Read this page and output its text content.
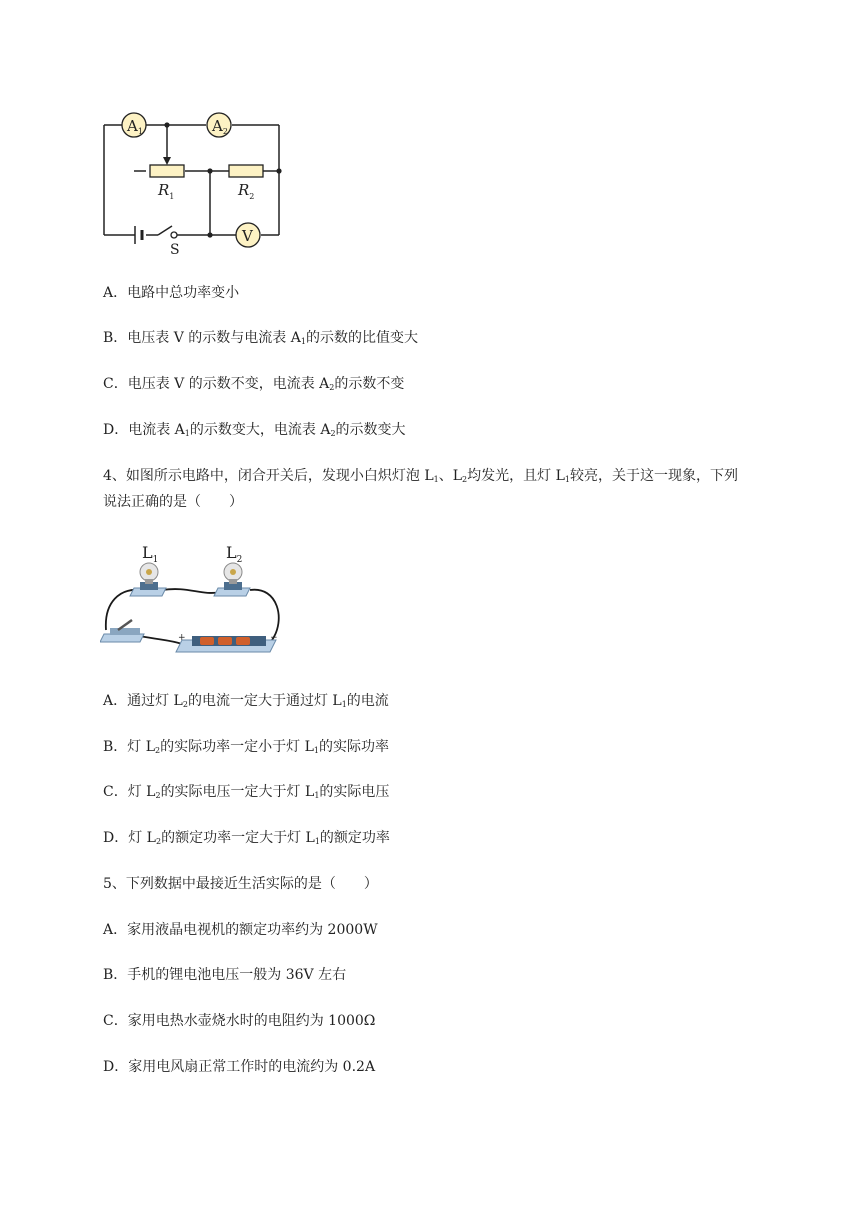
$A_1$	$A_2$
V
$R_1$	$R_2$
S
A．电路中总功率变小
B．电压表 V 的示数与电流表 $A_1$的示数的比值变大
C．电压表 V 的示数不变，电流表 $A_2$的示数不变
D．电流表 $A_1$的示数变大，电流表 $A_2$的示数变大
4、如图所示电路中，闭合开关后，发现小白炽灯泡 $L_1$、$L_2$均发光，且灯 $L_1$较亮，关于这一现象，下列
说法正确的是（　　）
$L_1$	$L_2$
+	−
A．通过灯 $L_2$的电流一定大于通过灯 $L_1$的电流
B．灯 $L_2$的实际功率一定小于灯 $L_1$的实际功率
C．灯 $L_2$的实际电压一定大于灯 $L_1$的实际电压
D．灯 $L_2$的额定功率一定大于灯 $L_1$的额定功率
5、下列数据中最接近生活实际的是（　　）
A．家用液晶电视机的额定功率约为 2000W
B．手机的锂电池电压一般为 36V 左右
C．家用电热水壶烧水时的电阻约为 1000Ω
D．家用电风扇正常工作时的电流约为 0.2A
